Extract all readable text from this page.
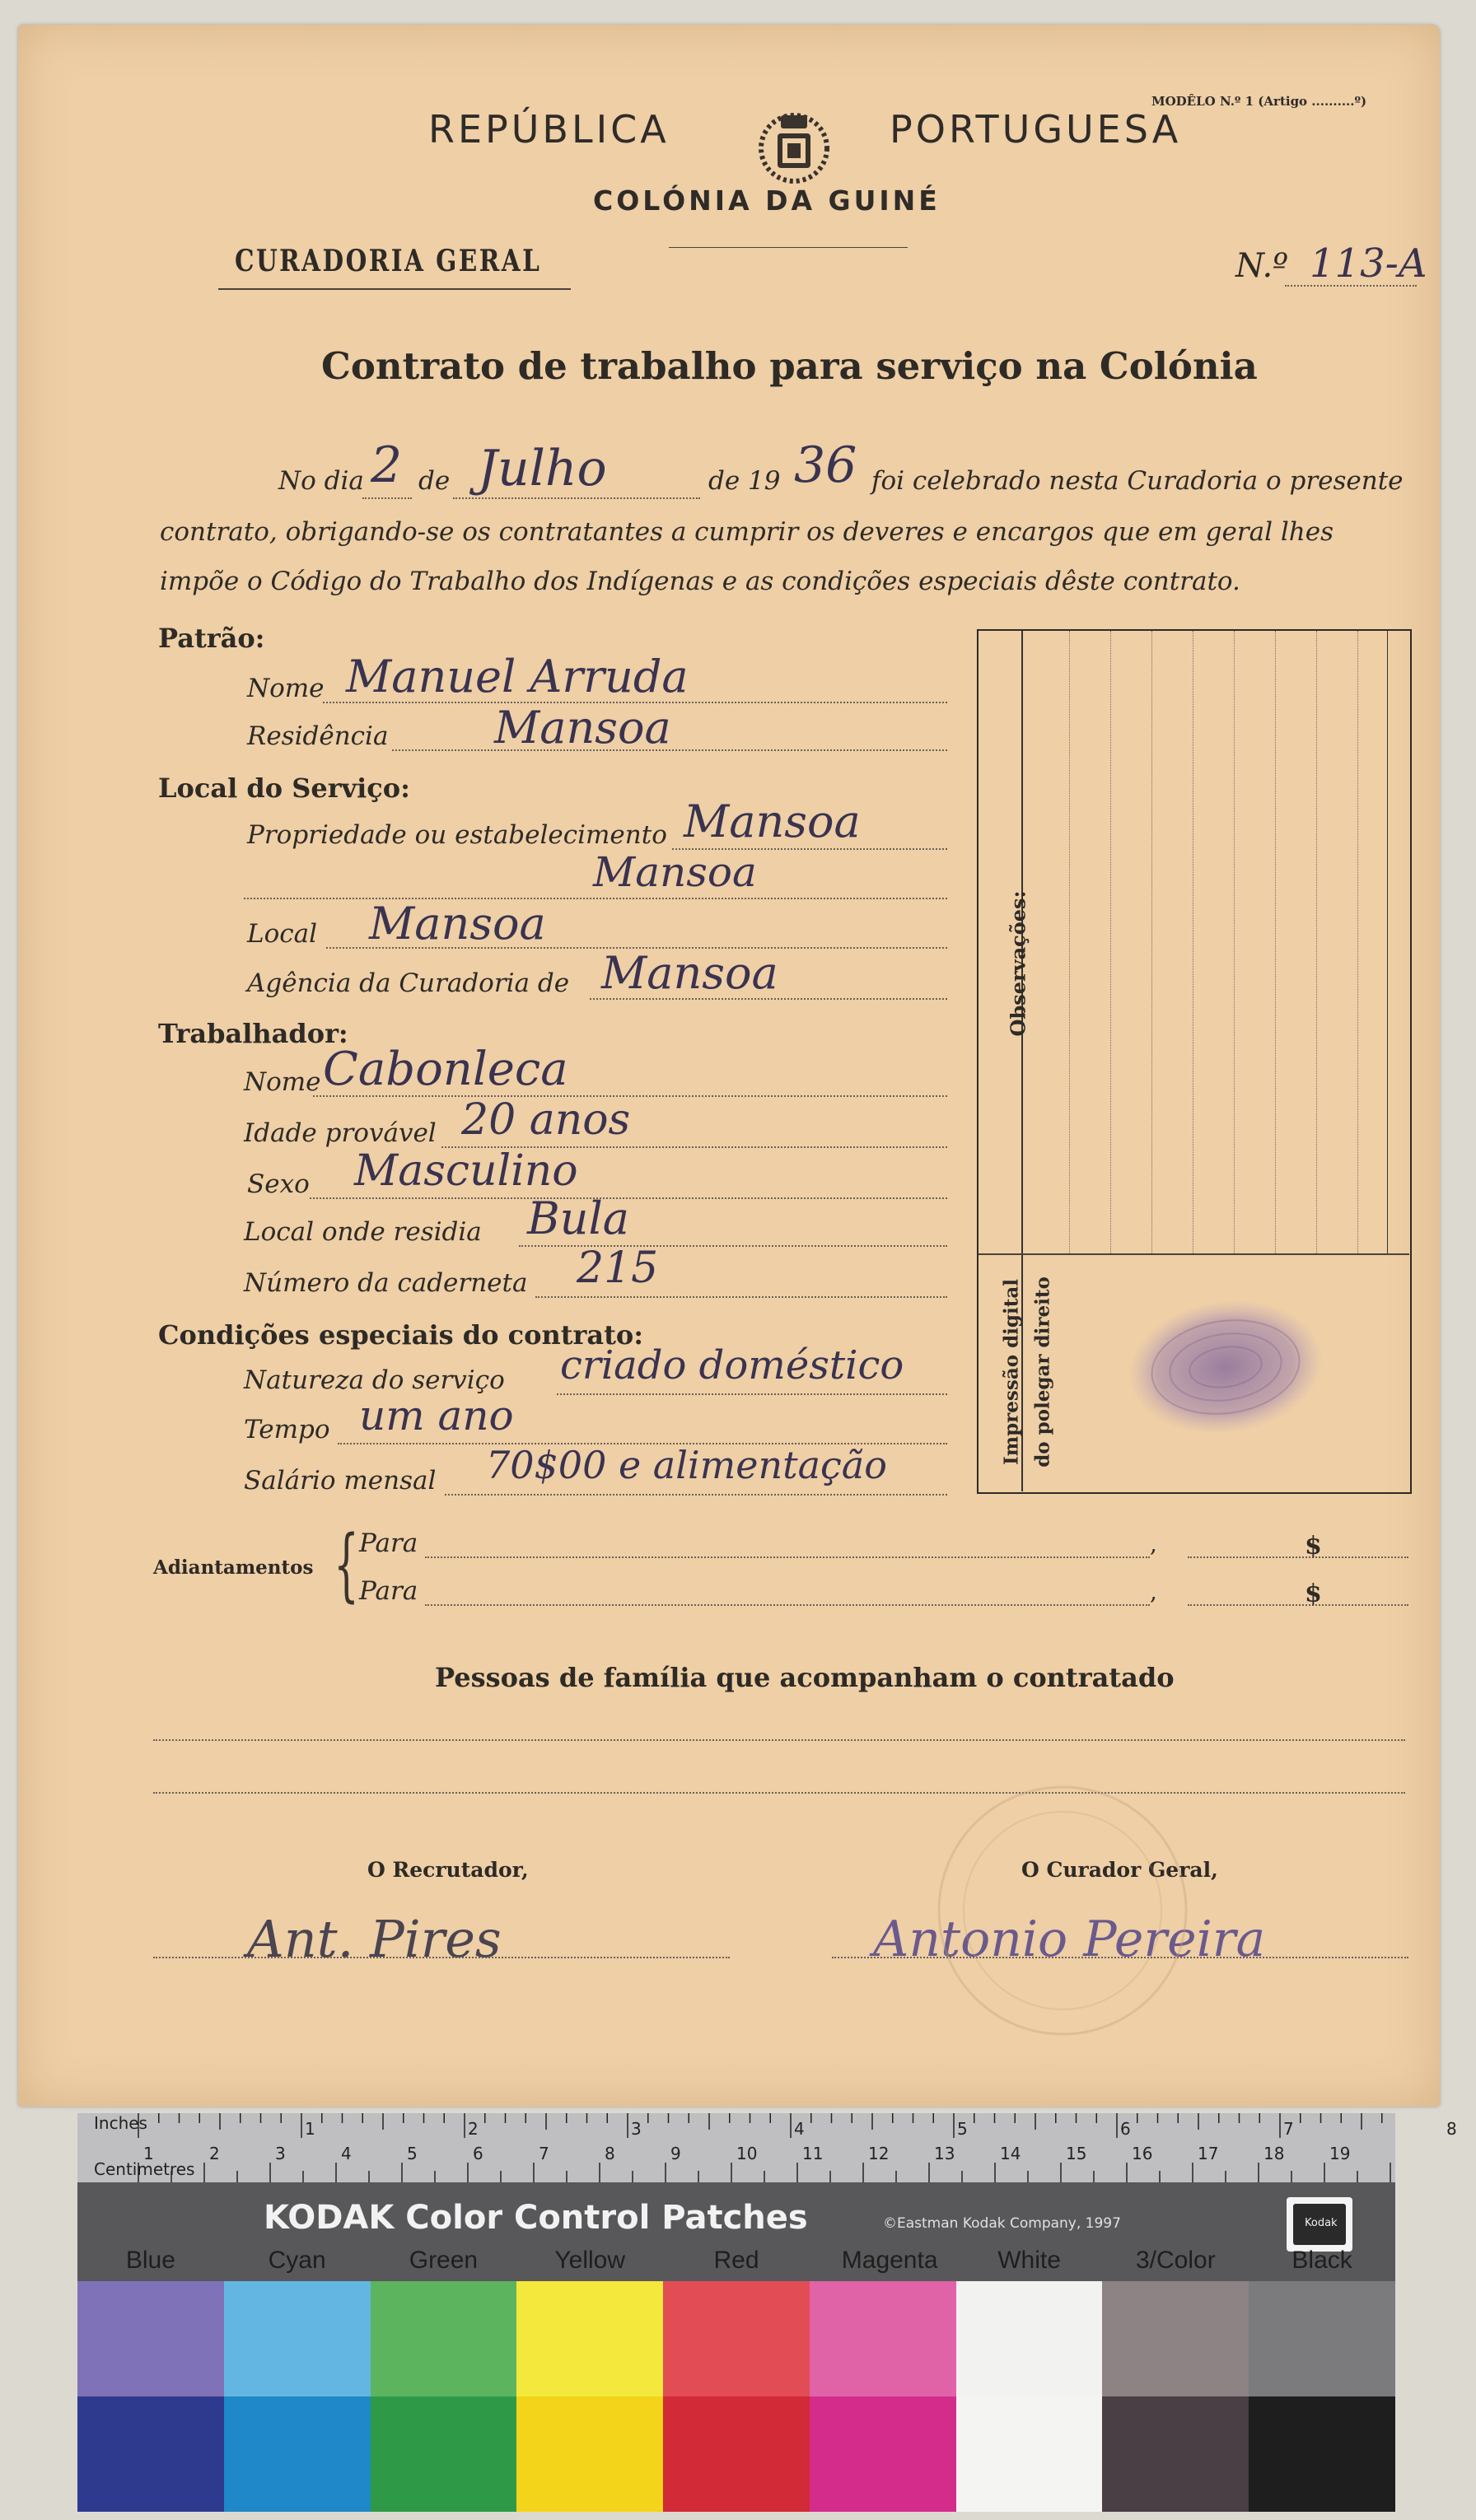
REPÚBLICA	PORTUGUESA
MODÊLO N.º 1 (Artigo ..........º)
COLÓNIA DA GUINÉ
CURADORIA GERAL	N.º 113-A
Contrato de trabalho para serviço na Colónia
No dia 2 de Julho	de 19 36 foi celebrado nesta Curadoria o presente
contrato, obrigando-se os contratantes a cumprir os deveres e encargos que em geral lhes
impõe o Código do Trabalho dos Indígenas e as condições especiais dêste contrato.
Patrão:
Nome Manuel Arruda
Residência Mansoa
Local do Serviço:
Propriedade ou estabelecimento Mansoa
Mansoa
Local Mansoa
Agência da Curadoria de Mansoa
Trabalhador:
Nome Cabonleca
Idade provável 20 anos
Sexo Masculino
Local onde residia Bula
Número da caderneta 215
Condições especiais do contrato:
Natureza do serviço criado doméstico
Tempo um ano
Salário mensal 70$00 e alimentação
Observações:
Impressão digital do polegar direito
Adiantamentos { Para	,	$
Para	,	$
Pessoas de família que acompanham o contratado
O Recrutador,
Ant. Pires
O Curador Geral,
Antonio Pereira
1	2	3	4	5	6	7	8
1	2	3	4	5	6	7	8	9	10	11	12	13	14	15	16	17	18	19
Inches
Centimetres
KODAK Color Control Patches	©Eastman Kodak Company, 1997	Kodak
Blue	Cyan	Green	Yellow	Red	Magenta	White	3/Color	Black
